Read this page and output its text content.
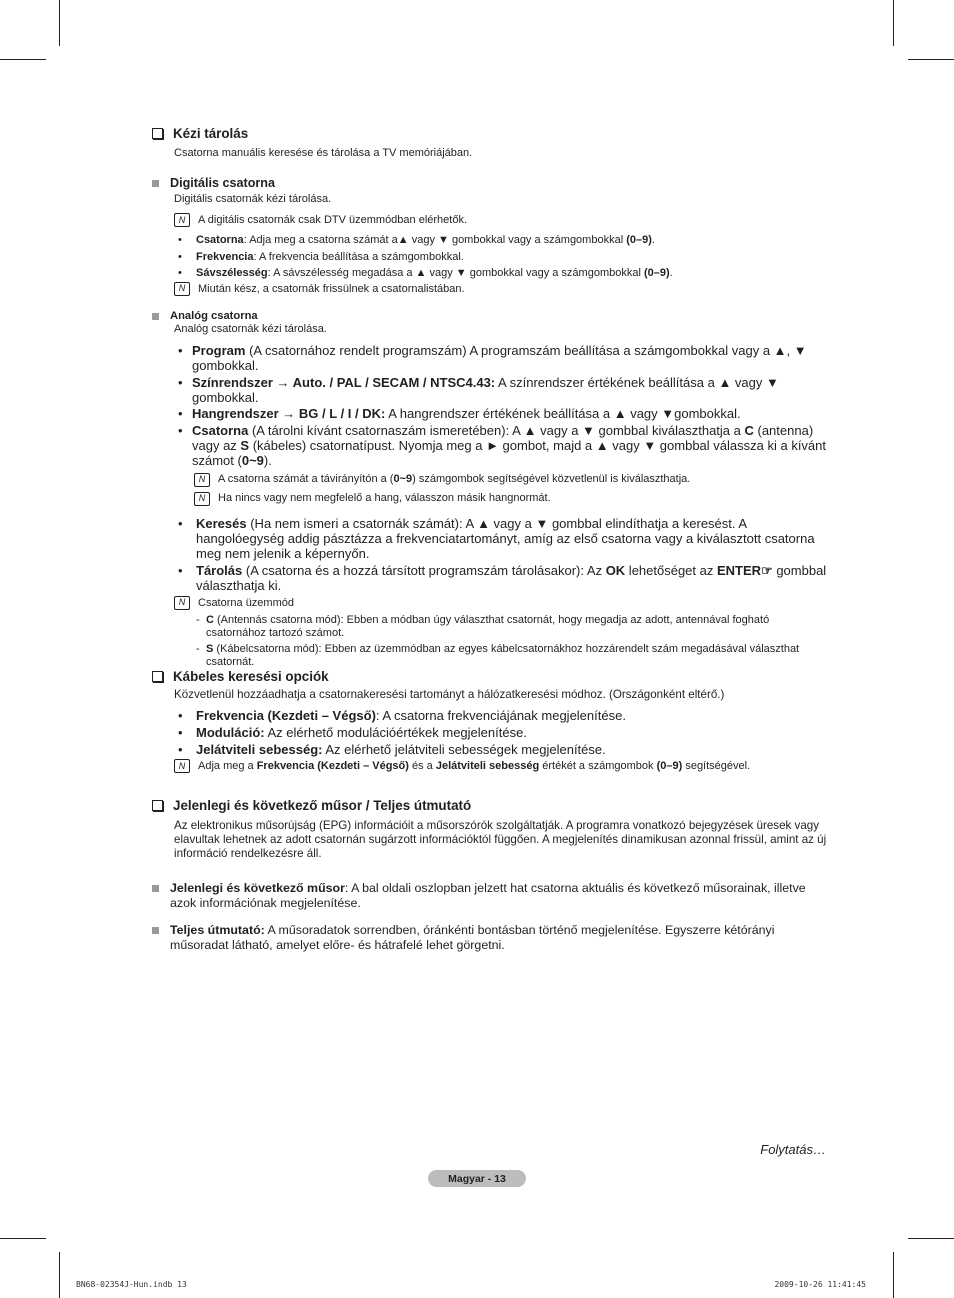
Kézi tárolás
Csatorna manuális keresése és tárolása a TV memóriájában.
Digitális csatorna
Digitális csatornák kézi tárolása.
N	A digitális csatornák csak DTV üzemmódban elérhetők.
• Csatorna: Adja meg a csatorna számát a▲ vagy ▼ gombokkal vagy a számgombokkal (0–9).
• Frekvencia: A frekvencia beállítása a számgombokkal.
• Sávszélesség: A sávszélesség megadása a ▲ vagy ▼ gombokkal vagy a számgombokkal (0–9).
N	Miután kész, a csatornák frissülnek a csatornalistában.
Analóg csatorna
Analóg csatornák kézi tárolása.
• Program (A csatornához rendelt programszám) A programszám beállítása a számgombokkal vagy a ▲, ▼ gombokkal.
• Színrendszer → Auto. / PAL / SECAM / NTSC4.43: A színrendszer értékének beállítása a ▲ vagy ▼ gombokkal.
• Hangrendszer → BG / L / I / DK: A hangrendszer értékének beállítása a ▲ vagy ▼gombokkal.
• Csatorna (A tárolni kívánt csatornaszám ismeretében): A ▲ vagy a ▼ gombbal kiválaszthatja a C (antenna) vagy az S (kábeles) csatornatípust. Nyomja meg a ► gombot, majd a ▲ vagy ▼ gombbal válassza ki a kívánt számot (0~9).
N	A csatorna számát a távirányítón a (0~9) számgombok segítségével közvetlenül is kiválaszthatja.
N	Ha nincs vagy nem megfelelő a hang, válasszon másik hangnormát.
• Keresés (Ha nem ismeri a csatornák számát): A ▲ vagy a ▼ gombbal elindíthatja a keresést. A hangolóegység addig pásztázza a frekvenciatartományt, amíg az első csatorna vagy a kiválasztott csatorna meg nem jelenik a képernyőn.
• Tárolás (A csatorna és a hozzá társított programszám tárolásakor): Az OK lehetőséget az ENTER☞ gombbal választhatja ki.
N	Csatorna üzemmód
- C (Antennás csatorna mód): Ebben a módban úgy választhat csatornát, hogy megadja az adott, antennával fogható csatornához tartozó számot.
- S (Kábelcsatorna mód): Ebben az üzemmódban az egyes kábelcsatornákhoz hozzárendelt szám megadásával választhat csatornát.
Kábeles keresési opciók
Közvetlenül hozzáadhatja a csatornakeresési tartományt a hálózatkeresési módhoz. (Országonként eltérő.)
• Frekvencia (Kezdeti – Végső): A csatorna frekvenciájának megjelenítése.
• Moduláció: Az elérhető modulációértékek megjelenítése.
• Jelátviteli sebesség: Az elérhető jelátviteli sebességek megjelenítése.
N	Adja meg a Frekvencia (Kezdeti – Végső) és a Jelátviteli sebesség értékét a számgombok (0–9) segítségével.
Jelenlegi és következő műsor / Teljes útmutató
Az elektronikus műsorújság (EPG) információit a műsorszórók szolgáltatják. A programra vonatkozó bejegyzések üresek vagy elavultak lehetnek az adott csatornán sugárzott információktól függően. A megjelenítés dinamikusan azonnal frissül, amint az új információ rendelkezésre áll.
Jelenlegi és következő műsor: A bal oldali oszlopban jelzett hat csatorna aktuális és következő műsorainak, illetve azok információnak megjelenítése.
Teljes útmutató: A műsoradatok sorrendben, óránkénti bontásban történő megjelenítése. Egyszerre kétórányi műsoradat látható, amelyet előre- és hátrafelé lehet görgetni.
Folytatás…
Magyar - 13
BN68-02354J-Hun.indb 13	2009-10-26 11:41:45
